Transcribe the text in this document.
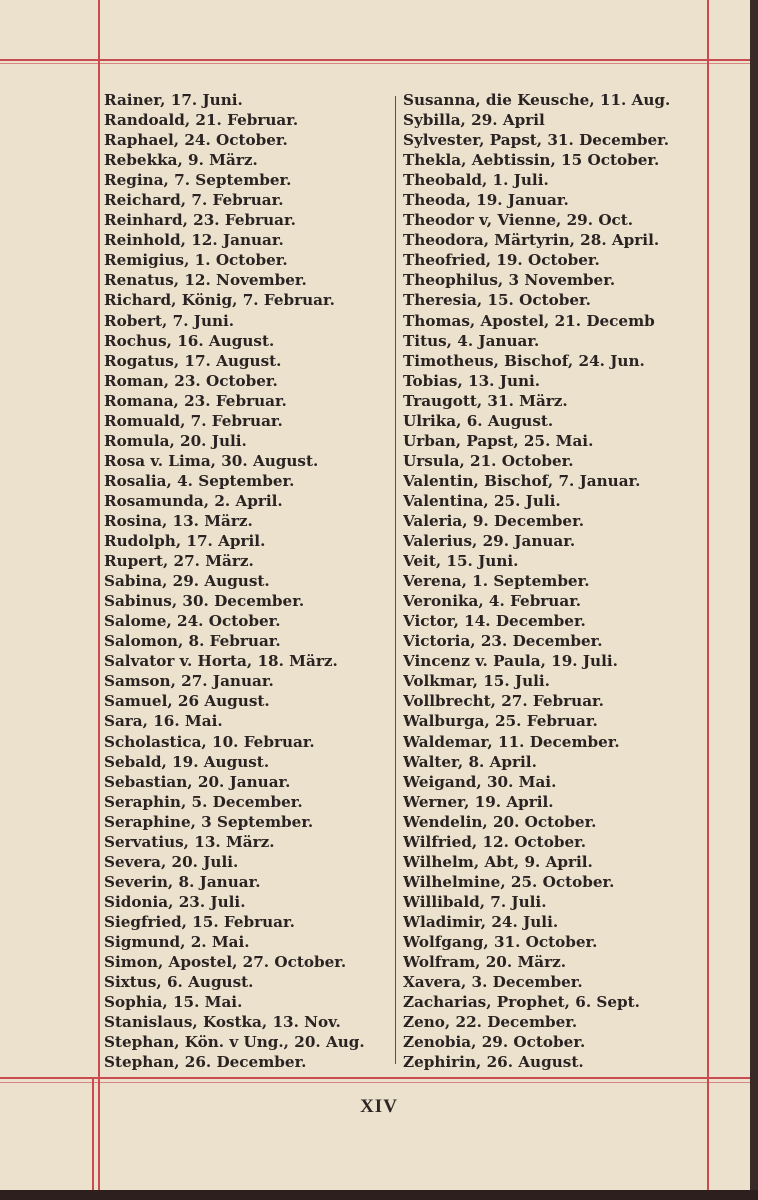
Rainer, 17. Juni.
Randoald, 21. Februar.
Raphael, 24. October.
Rebekka, 9. März.
Regina, 7. September.
Reichard, 7. Februar.
Reinhard, 23. Februar.
Reinhold, 12. Januar.
Remigius, 1. October.
Renatus, 12. November.
Richard, König, 7. Februar.
Robert, 7. Juni.
Rochus, 16. August.
Rogatus, 17. August.
Roman, 23. October.
Romana, 23. Februar.
Romuald, 7. Februar.
Romula, 20. Juli.
Rosa v. Lima, 30. August.
Rosalia, 4. September.
Rosamunda, 2. April.
Rosina, 13. März.
Rudolph, 17. April.
Rupert, 27. März.
Sabina, 29. August.
Sabinus, 30. December.
Salome, 24. October.
Salomon, 8. Februar.
Salvator v. Horta, 18. März.
Samson, 27. Januar.
Samuel, 26 August.
Sara, 16. Mai.
Scholastica, 10. Februar.
Sebald, 19. August.
Sebastian, 20. Januar.
Seraphin, 5. December.
Seraphine, 3 September.
Servatius, 13. März.
Severa, 20. Juli.
Severin, 8. Januar.
Sidonia, 23. Juli.
Siegfried, 15. Februar.
Sigmund, 2. Mai.
Simon, Apostel, 27. October.
Sixtus, 6. August.
Sophia, 15. Mai.
Stanislaus, Kostka, 13. Nov.
Stephan, Kön. v Ung., 20. Aug.
Stephan, 26. December.
Susanna, die Keusche, 11. Aug.
Sybilla, 29. April
Sylvester, Papst, 31. December.
Thekla, Aebtissin, 15 October.
Theobald, 1. Juli.
Theoda, 19. Januar.
Theodor v, Vienne, 29. Oct.
Theodora, Märtyrin, 28. April.
Theofried, 19. October.
Theophilus, 3 November.
Theresia, 15. October.
Thomas, Apostel, 21. Decemb
Titus, 4. Januar.
Timotheus, Bischof, 24. Jun.
Tobias, 13. Juni.
Traugott, 31. März.
Ulrika, 6. August.
Urban, Papst, 25. Mai.
Ursula, 21. October.
Valentin, Bischof, 7. Januar.
Valentina, 25. Juli.
Valeria, 9. December.
Valerius, 29. Januar.
Veit, 15. Juni.
Verena, 1. September.
Veronika, 4. Februar.
Victor, 14. December.
Victoria, 23. December.
Vincenz v. Paula, 19. Juli.
Volkmar, 15. Juli.
Vollbrecht, 27. Februar.
Walburga, 25. Februar.
Waldemar, 11. December.
Walter, 8. April.
Weigand, 30. Mai.
Werner, 19. April.
Wendelin, 20. October.
Wilfried, 12. October.
Wilhelm, Abt, 9. April.
Wilhelmine, 25. October.
Willibald, 7. Juli.
Wladimir, 24. Juli.
Wolfgang, 31. October.
Wolfram, 20. März.
Xavera, 3. December.
Zacharias, Prophet, 6. Sept.
Zeno, 22. December.
Zenobia, 29. October.
Zephirin, 26. August.
XIV
